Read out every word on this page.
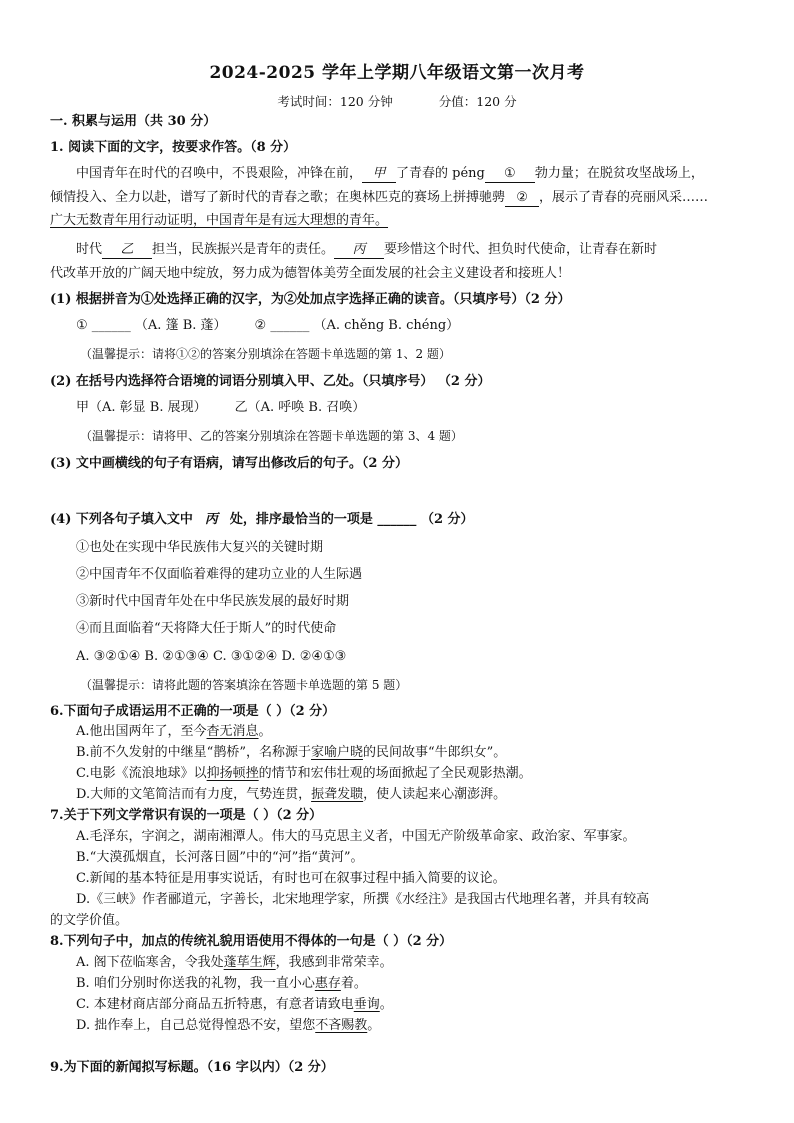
2024-2025 学年上学期八年级语文第一次月考
考试时间：120 分钟	分值：120 分
一. 积累与运用（共 30 分）
1. 阅读下面的文字，按要求作答。（8 分）
中国青年在时代的召唤中，不畏艰险，冲锋在前， 甲 了青春的 péng ① 勃力量；在脱贫攻坚战场上，
倾情投入、全力以赴，谱写了新时代的青春之歌；在奥林匹克的赛场上拼搏驰骋 ② ，展示了青春的亮丽风采……
广大无数青年用行动证明，中国青年是有远大理想的青年。
时代 乙 担当，民族振兴是青年的责任。 丙 要珍惜这个时代、担负时代使命，让青春在新时
代改革开放的广阔天地中绽放，努力成为德智体美劳全面发展的社会主义建设者和接班人！
(1) 根据拼音为①处选择正确的汉字，为②处加点字选择正确的读音。（只填序号）（2 分）
① ______ （A. 篷 B. 蓬） ② ______ （A. chěng B. chéng）
（温馨提示：请将①②的答案分别填涂在答题卡单选题的第 1、2 题）
(2) 在括号内选择符合语境的词语分别填入甲、乙处。（只填序号） （2 分）
甲（A. 彰显 B. 展现） 乙（A. 呼唤 B. 召唤）
（温馨提示：请将甲、乙的答案分别填涂在答题卡单选题的第 3、4 题）
(3) 文中画横线的句子有语病，请写出修改后的句子。（2 分）
(4) 下列各句子填入文中 丙 处，排序最恰当的一项是 ______ （2 分）
①也处在实现中华民族伟大复兴的关键时期
②中国青年不仅面临着难得的建功立业的人生际遇
③新时代中国青年处在中华民族发展的最好时期
④而且面临着“天将降大任于斯人”的时代使命
A. ③②①④ B. ②①③④ C. ③①②④ D. ②④①③
（温馨提示：请将此题的答案填涂在答题卡单选题的第 5 题）
6.下面句子成语运用不正确的一项是（ ）（2 分）
A.他出国两年了，至今杳无消息。
B.前不久发射的中继星“鹊桥”，名称源于家喻户晓的民间故事“牛郎织女”。
C.电影《流浪地球》以抑扬顿挫的情节和宏伟壮观的场面掀起了全民观影热潮。
D.大师的文笔简洁而有力度，气势连贯，振聋发聩，使人读起来心潮澎湃。
7.关于下列文学常识有误的一项是（ ）（2 分）
A.毛泽东，字润之，湖南湘潭人。伟大的马克思主义者，中国无产阶级革命家、政治家、军事家。
B.“大漠孤烟直，长河落日圆”中的“河”指“黄河”。
C.新闻的基本特征是用事实说话，有时也可在叙事过程中插入简要的议论。
D.《三峡》作者郦道元，字善长，北宋地理学家，所撰《水经注》是我国古代地理名著，并具有较高
的文学价值。
8.下列句子中，加点的传统礼貌用语使用不得体的一句是（ ）（2 分）
A. 阁下莅临寒舍，令我处蓬荜生辉，我感到非常荣幸。
B. 咱们分别时你送我的礼物，我一直小心惠存着。
C. 本建材商店部分商品五折特惠，有意者请致电垂询。
D. 拙作奉上，自己总觉得惶恐不安，望您不吝赐教。
9.为下面的新闻拟写标题。（16 字以内）（2 分）
